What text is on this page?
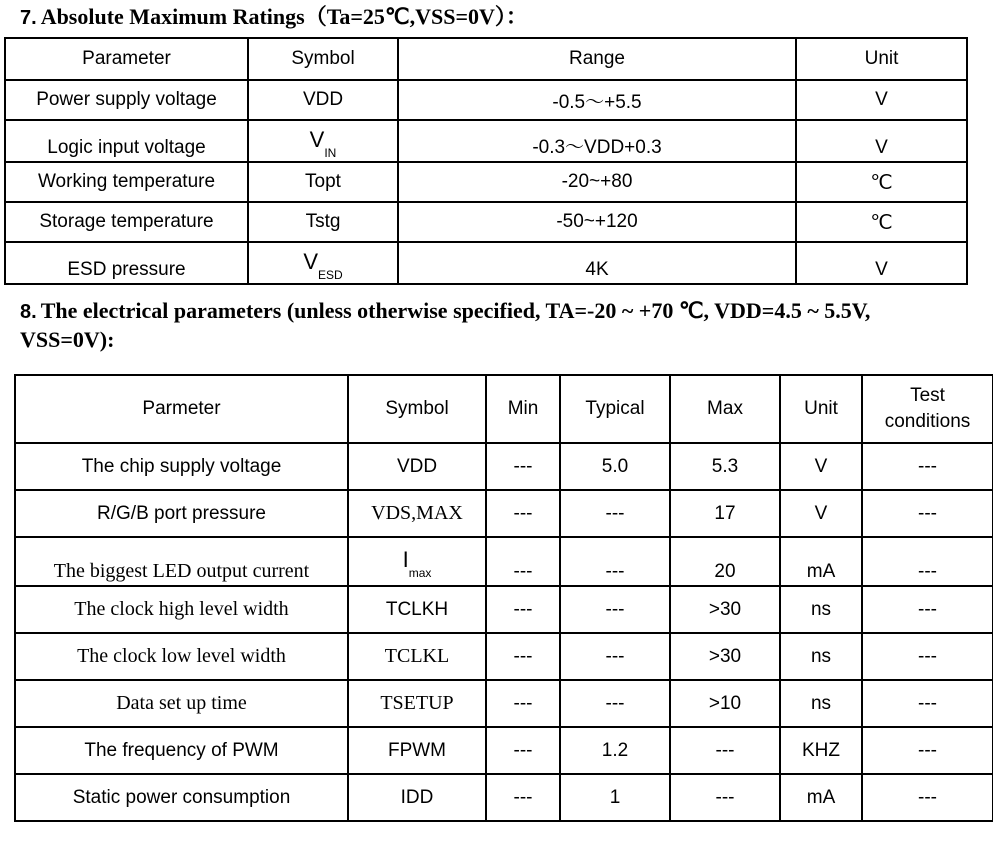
7. Absolute Maximum Ratings（Ta=25℃,VSS=0V）：
Parameter	Symbol	Range	Unit
Power supply voltage	VDD	-0.5～+5.5	V
Logic input voltage	$V_{IN}$	-0.3～VDD+0.3	V
Working temperature	Topt	-20~+80	℃
Storage temperature	Tstg	-50~+120	℃
ESD pressure	$V_{ESD}$	4K	V
8. The electrical parameters (unless otherwise specified, TA=-20 ~ +70 ℃, VDD=4.5 ~ 5.5V,
VSS=0V):
Parmeter	Symbol	Min	Typical	Max	Unit	Test conditions
The chip supply voltage	VDD	---	5.0	5.3	V	---
R/G/B port pressure	VDS,MAX	---	---	17	V	---
The biggest LED output current	$I_{max}$	---	---	20	mA	---
The clock high level width	TCLKH	---	---	>30	ns	---
The clock low level width	TCLKL	---	---	>30	ns	---
Data set up time	TSETUP	---	---	>10	ns	---
The frequency of PWM	FPWM	---	1.2	---	KHZ	---
Static power consumption	IDD	---	1	---	mA	---
